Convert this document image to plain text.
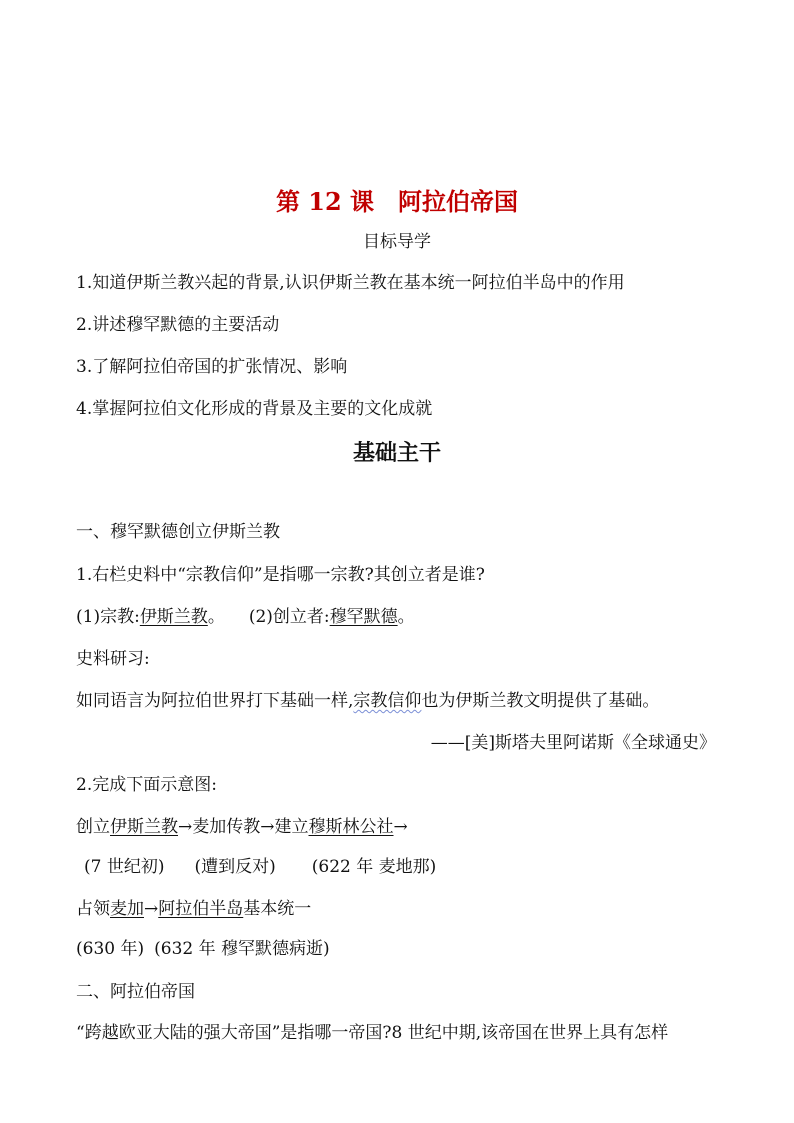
第 12 课 阿拉伯帝国
目标导学
1.知道伊斯兰教兴起的背景,认识伊斯兰教在基本统一阿拉伯半岛中的作用
2.讲述穆罕默德的主要活动
3.了解阿拉伯帝国的扩张情况、影响
4.掌握阿拉伯文化形成的背景及主要的文化成就
基础主干
一、穆罕默德创立伊斯兰教
1.右栏史料中“宗教信仰”是指哪一宗教?其创立者是谁?
(1)宗教:伊斯兰教。 (2)创立者:穆罕默德。
史料研习:
如同语言为阿拉伯世界打下基础一样,宗教信仰也为伊斯兰教文明提供了基础。
——[美]斯塔夫里阿诺斯《全球通史》
2.完成下面示意图:
创立伊斯兰教→麦加传教→建立穆斯林公社→
(7 世纪初) (遭到反对) (622 年 麦地那)
占领麦加→阿拉伯半岛基本统一
(630 年) (632 年 穆罕默德病逝)
二、阿拉伯帝国
“跨越欧亚大陆的强大帝国”是指哪一帝国?8 世纪中期,该帝国在世界上具有怎样
